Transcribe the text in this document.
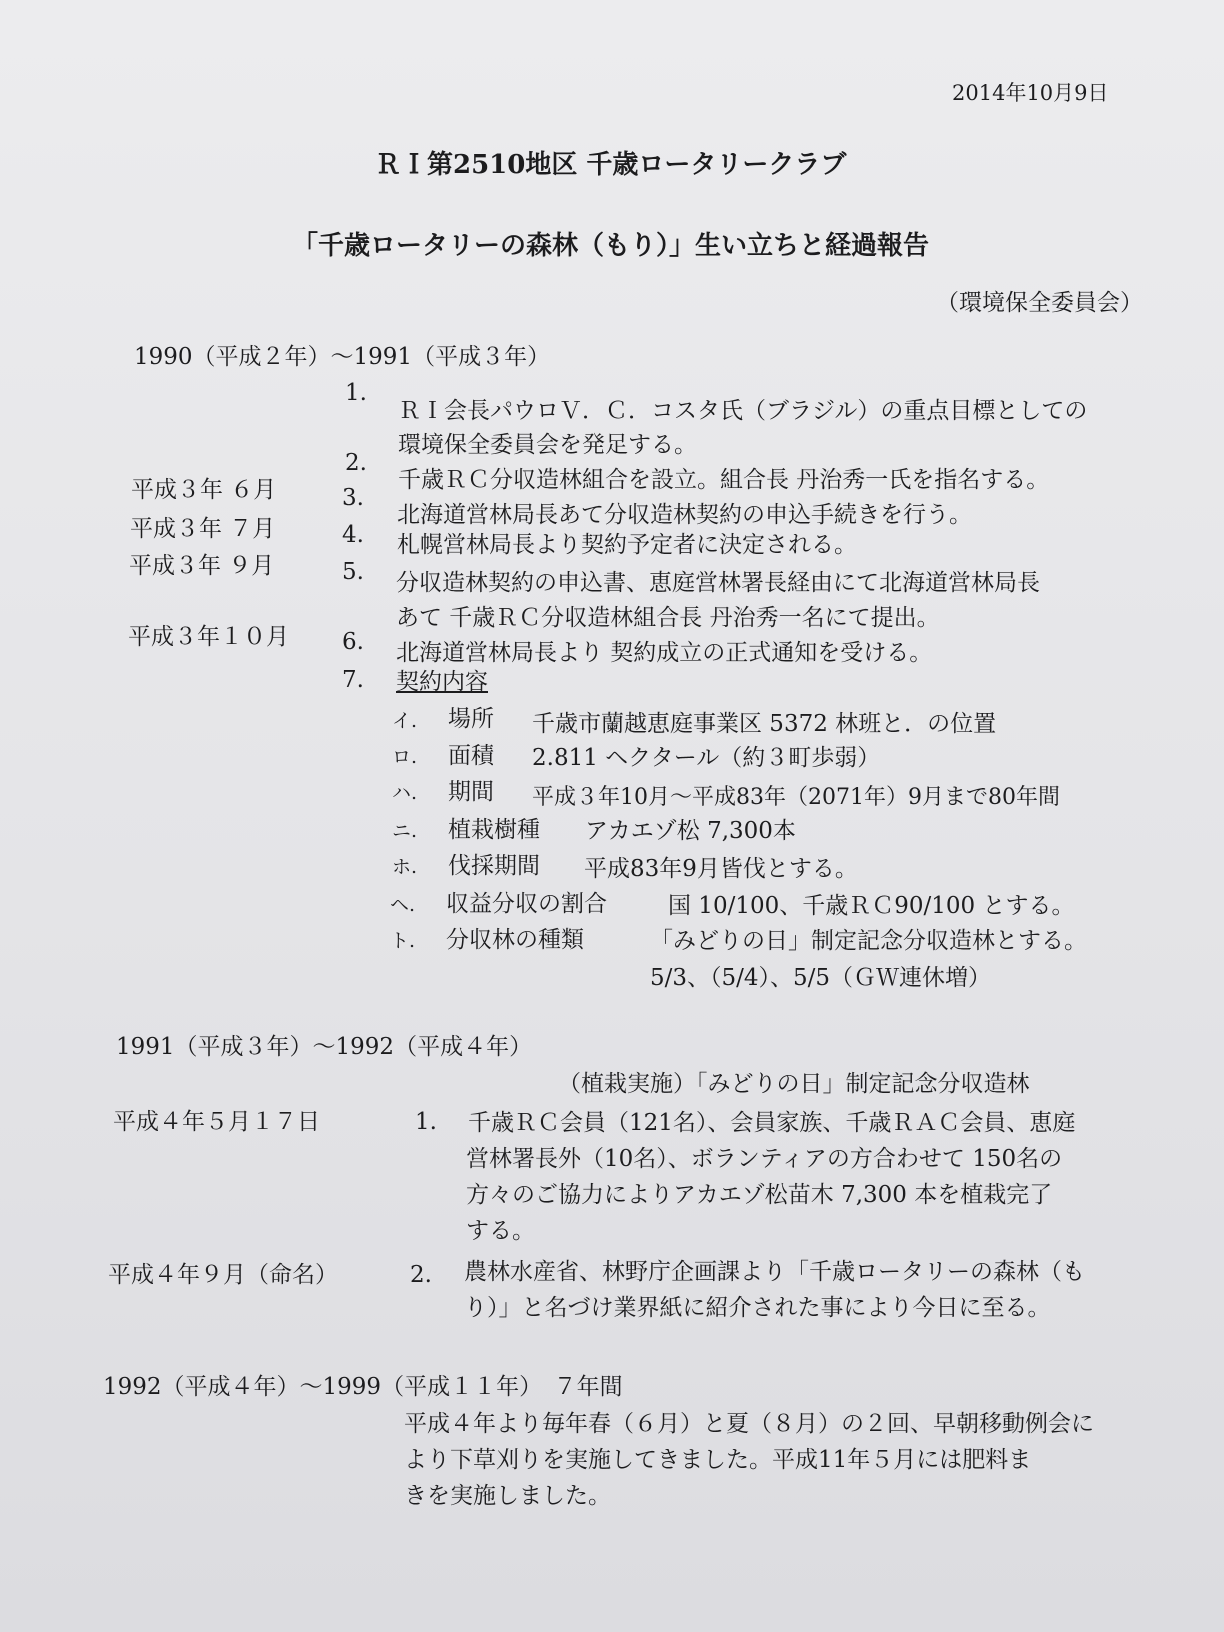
2014年10月9日
ＲＩ第2510地区 千歳ロータリークラブ
「千歳ロータリーの森林（もり）」生い立ちと経過報告
（環境保全委員会）
1990（平成２年）～1991（平成３年）
1.
ＲＩ会長パウロＶ．Ｃ．コスタ氏（ブラジル）の重点目標としての
環境保全委員会を発足する。
2.
千歳ＲＣ分収造林組合を設立。組合長 丹治秀一氏を指名する。
平成３年 ６月	3.
北海道営林局長あて分収造林契約の申込手続きを行う。
平成３年 ７月	4. 札幌営林局長より契約予定者に決定される。
平成３年 ９月	5. 分収造林契約の申込書、恵庭営林署長経由にて北海道営林局長
あて 千歳ＲＣ分収造林組合長 丹治秀一名にて提出。
平成３年１０月 6. 北海道営林局長より 契約成立の正式通知を受ける。
7. 契約内容
イ. 場所 千歳市蘭越恵庭事業区 5372 林班と．の位置
ロ. 面積 2.811 ヘクタール（約３町歩弱）
ハ. 期間 平成３年10月～平成83年（2071年）9月まで80年間
ニ. 植栽樹種 アカエゾ松 7,300本
ホ. 伐採期間 平成83年9月皆伐とする。
ヘ. 収益分収の割合	国 10/100、千歳ＲＣ90/100 とする。
ト. 分収林の種類	「みどりの日」制定記念分収造林とする。
5/3、（5/4）、5/5（ＧＷ連休増）
1991（平成３年）～1992（平成４年）
（植栽実施）「みどりの日」制定記念分収造林
平成４年５月１７日	1. 千歳ＲＣ会員（121名）、会員家族、千歳ＲＡＣ会員、恵庭
営林署長外（10名）、ボランティアの方合わせて 150名の
方々のご協力によりアカエゾ松苗木 7,300 本を植栽完了
する。
平成４年９月（命名）	2. 農林水産省、林野庁企画課より「千歳ロータリーの森林（も
り）」と名づけ業界紙に紹介された事により今日に至る。
1992（平成４年）～1999（平成１１年）　７年間
平成４年より毎年春（６月）と夏（８月）の２回、早朝移動例会に
より下草刈りを実施してきました。平成11年５月には肥料ま
きを実施しました。
